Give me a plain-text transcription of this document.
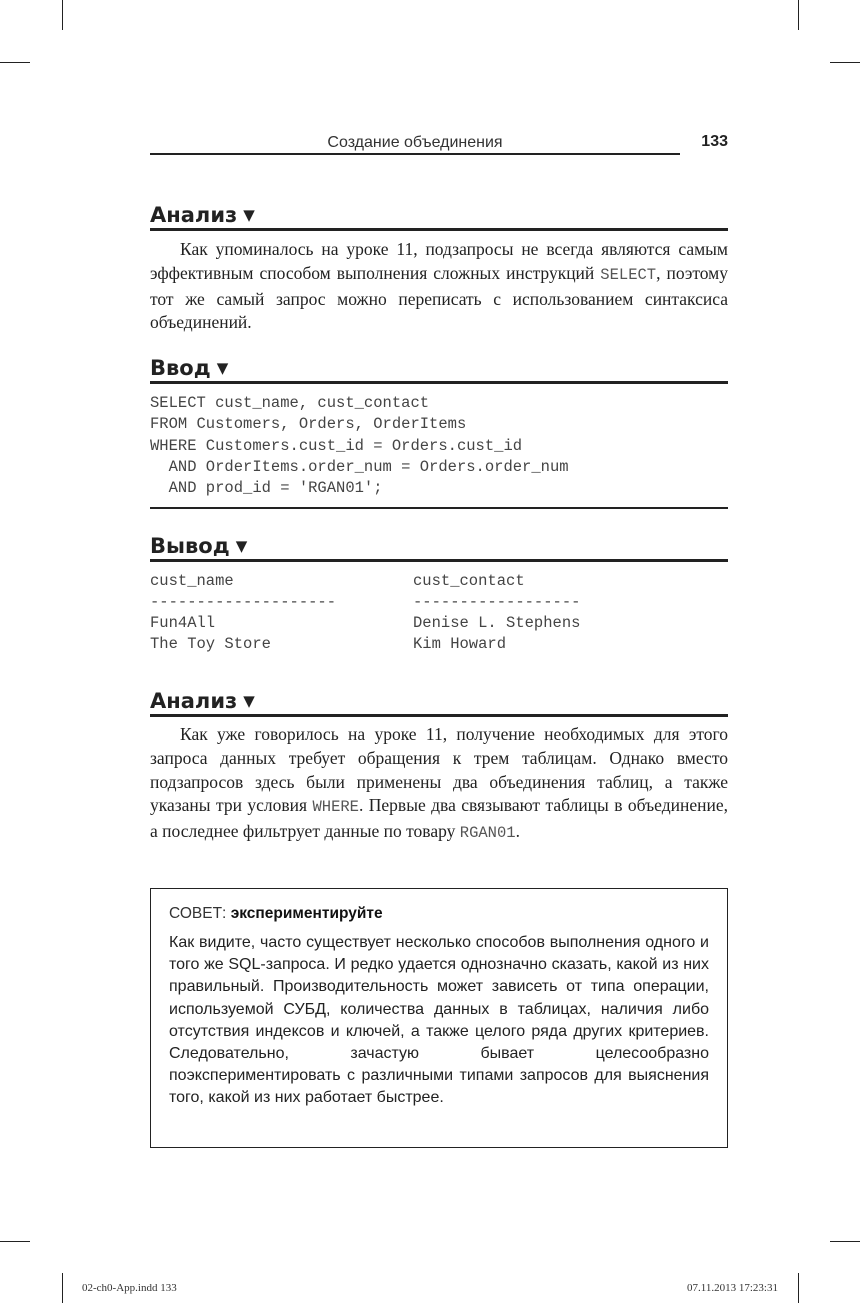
Создание объединения	133
Анализ ▼

Как упоминалось на уроке 11, подзапросы не всегда являются самым эффективным способом выполнения сложных инструкций SELECT, поэтому тот же самый запрос можно переписать с использованием синтаксиса объединений.

Ввод ▼
SELECT cust_name, cust_contact
FROM Customers, Orders, OrderItems
WHERE Customers.cust_id = Orders.cust_id
AND OrderItems.order_num = Orders.order_num
AND prod_id = 'RGAN01';
Вывод ▼
cust_name	cust_contact
--------------------	------------------
Fun4All	Denise L. Stephens
The Toy Store	Kim Howard
Анализ ▼

Как уже говорилось на уроке 11, получение необходимых для этого запроса данных требует обращения к трем таблицам. Однако вместо подзапросов здесь были применены два объединения таблиц, а также указаны три условия WHERE. Первые два связывают таблицы в объединение, а последнее фильтрует данные по товару RGAN01.

СОВЕТ: экспериментируйте

Как видите, часто существует несколько способов выполнения одного и того же SQL-запроса. И редко удается однозначно сказать, какой из них правильный. Производительность может зависеть от типа операции, используемой СУБД, количества данных в таблицах, наличия либо отсутствия индексов и ключей, а также целого ряда других критериев. Следовательно, зачастую бывает целесообразно поэкспериментировать с различными типами запросов для выяснения того, какой из них работает быстрее.

02-ch0-App.indd 133	07.11.2013 17:23:31
